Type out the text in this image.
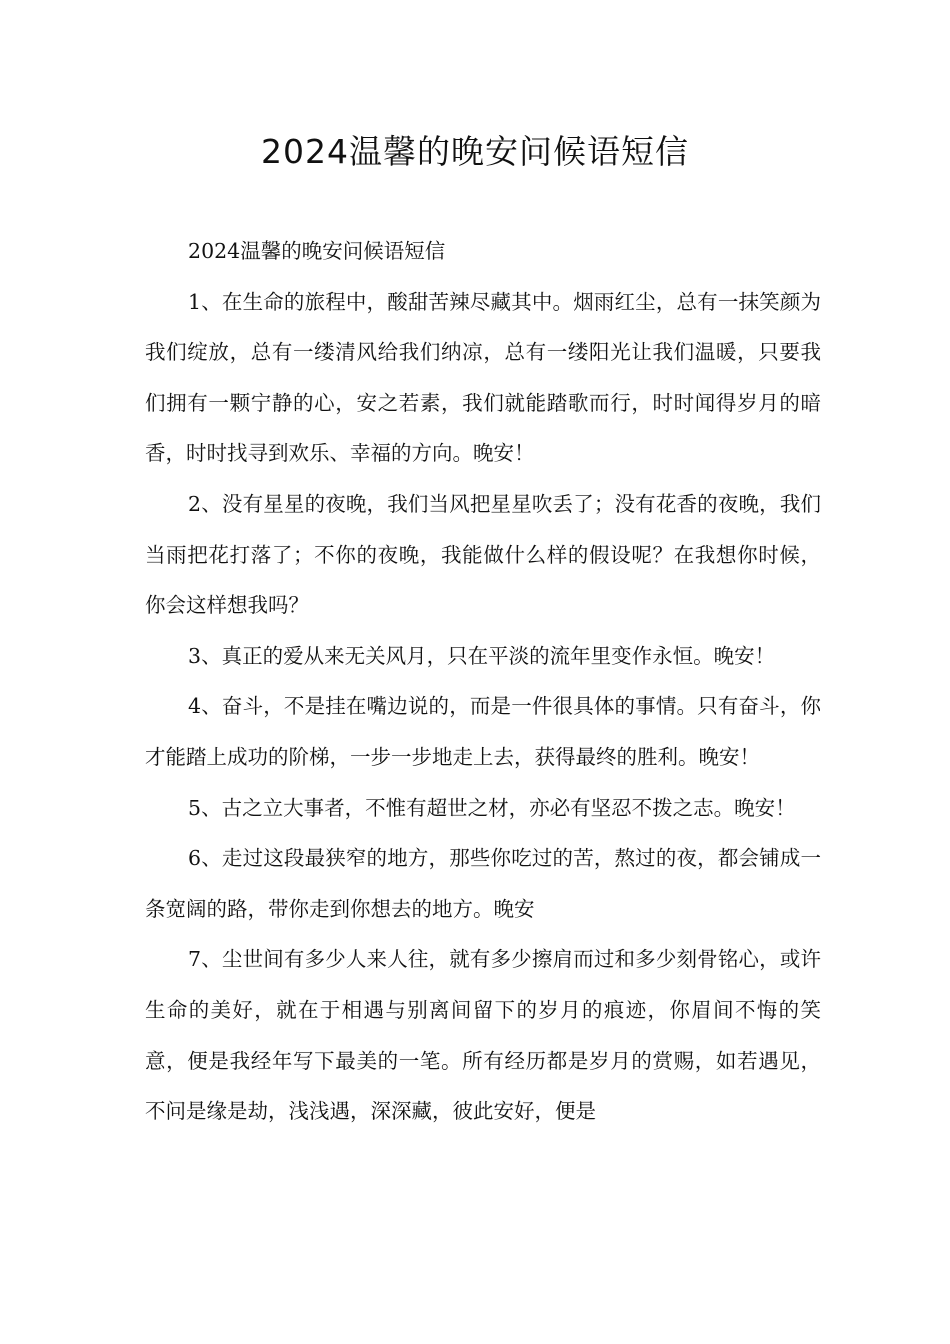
2024温馨的晚安问候语短信

2024温馨的晚安问候语短信

1、在生命的旅程中，酸甜苦辣尽藏其中。烟雨红尘，总有一抹笑颜为我们绽放，总有一缕清风给我们纳凉，总有一缕阳光让我们温暖，只要我们拥有一颗宁静的心，安之若素，我们就能踏歌而行，时时闻得岁月的暗香，时时找寻到欢乐、幸福的方向。晚安！

2、没有星星的夜晚，我们当风把星星吹丢了；没有花香的夜晚，我们当雨把花打落了；不你的夜晚，我能做什么样的假设呢？在我想你时候，你会这样想我吗？

3、真正的爱从来无关风月，只在平淡的流年里变作永恒。晚安！

4、奋斗，不是挂在嘴边说的，而是一件很具体的事情。只有奋斗，你才能踏上成功的阶梯，一步一步地走上去，获得最终的胜利。晚安！

5、古之立大事者，不惟有超世之材，亦必有坚忍不拨之志。晚安！

6、走过这段最狭窄的地方，那些你吃过的苦，熬过的夜，都会铺成一条宽阔的路，带你走到你想去的地方。晚安

7、尘世间有多少人来人往，就有多少擦肩而过和多少刻骨铭心，或许生命的美好，就在于相遇与别离间留下的岁月的痕迹，你眉间不悔的笑意，便是我经年写下最美的一笔。所有经历都是岁月的赏赐，如若遇见，不问是缘是劫，浅浅遇，深深藏，彼此安好，便是
